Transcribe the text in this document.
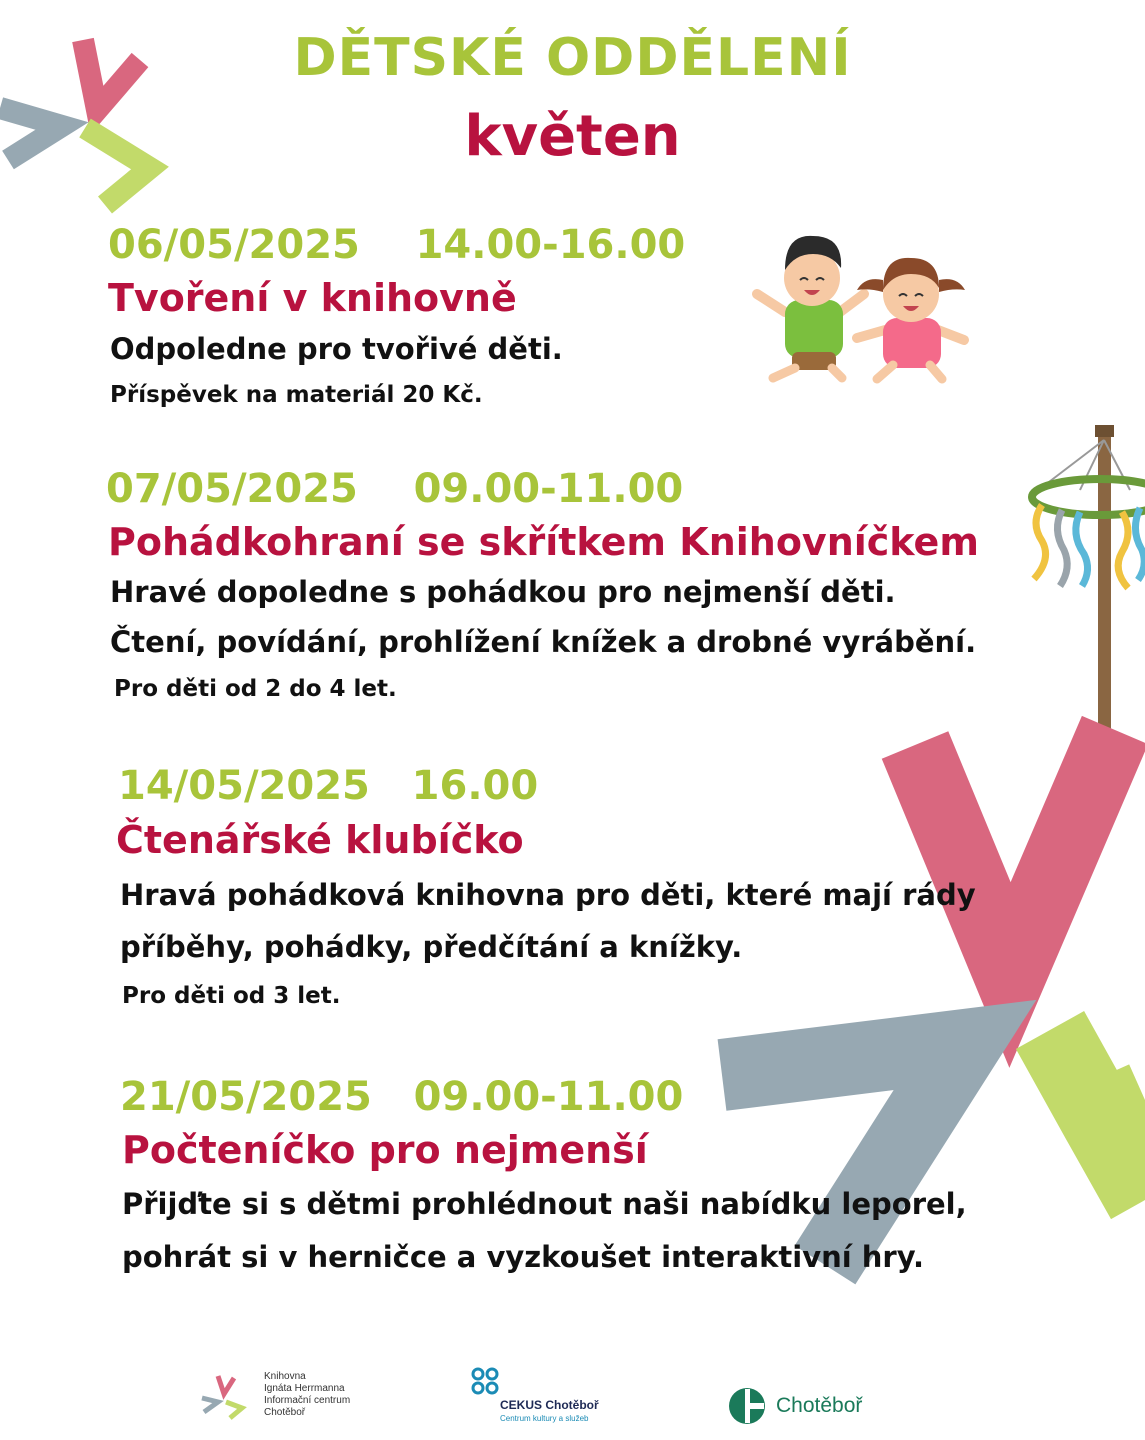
DĚTSKÉ ODDĚLENÍ
květen
06/05/2025    14.00-16.00
Tvoření v knihovně
Odpoledne pro tvořivé děti.
Příspěvek na materiál 20 Kč.
07/05/2025    09.00-11.00
Pohádkohraní se skřítkem Knihovníčkem
Hravé dopoledne s pohádkou pro nejmenší děti.
Čtení, povídání, prohlížení knížek a drobné vyrábění.
Pro děti od 2 do 4 let.
14/05/2025   16.00
Čtenářské klubíčko
Hravá pohádková knihovna pro děti, které mají rády
příběhy, pohádky, předčítání a knížky.
Pro děti od 3 let.
21/05/2025   09.00-11.00
Počteníčko pro nejmenší
Přijďte si s dětmi prohlédnout naši nabídku leporel,
pohrát si v herničce a vyzkoušet interaktivní hry.
Knihovna
Ignáta Herrmanna
Informační centrum
Chotěboř
CEKUS Chotěboř
Centrum kultury a služeb
Chotěboř
